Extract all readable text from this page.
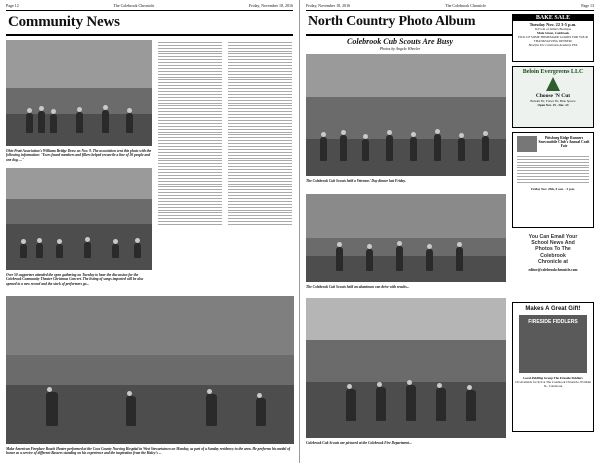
Page 12	The Colebrook Chronicle	Friday, November 18, 2016
Community News
Ohio Pratt Association's Williams Bridge Draw on Nov. 9. The association sent this photo with the following information: "Ewes found members and fillers helped reconcile a line of 26 people and one dog. ..."
Over 50 supporters attended the open gathering on Tuesday to hear the discussion for the Colebrook Community Theater Christmas Concert. The listing of songs imported will be also opened to a new record and the stock of performers go...
Make American Fireplace Roach Heater performed at the Coos County Nursing Hospital in West Stewartstown on Monday, as part of a Sunday residency in the area. He performs his medal of honor as a service of different Bassers standing on his experience and the inspiration from the Haley's ...
Friday, November 18, 2016	The Colebrook Chronicle	Page 13
North Country Photo Album
Colebrook Cub Scouts Are Busy
Photos by Angela Wheeler
The Colebrook Cub Scouts held a Veterans' Day dinner last Friday.
The Colebrook Cub Scouts held an aluminum can drive with results...
Colebrook Cub Scouts are pictured at the Colebrook Fire Department...
BAKE SALE
Tuesday Nov. 22 3-5 p.m.
In Front of Jamie's Boutique
Main Street, Colebrook
PICK UP SOME HOMEMADE GOODS FOR YOUR THANKSGIVING DINNER!
Benefits The Colebrook Academy PTA
Beloin Evergreens LLC
Choose 'N Cut
Balsam Fir, Fraser Fir, Blue Spruce
Open Nov. 25 - Dec. 24
Pittsburg Ridge Runners Snowmobile Club's Annual Craft Fair
Friday Nov. 25th, 9 a.m. - 3 p.m.
You Can Email Your
School News And
Photos To The
Colebrook
Chronicle at
editor@colebrookchronicle.com
Makes A Great Gift!
FIRESIDE FIDDLERS
Local Fiddling Group The Fireside Fiddlers
CD Available for $16 at The Colebrook Chronicle, 83 Main St., Colebrook
